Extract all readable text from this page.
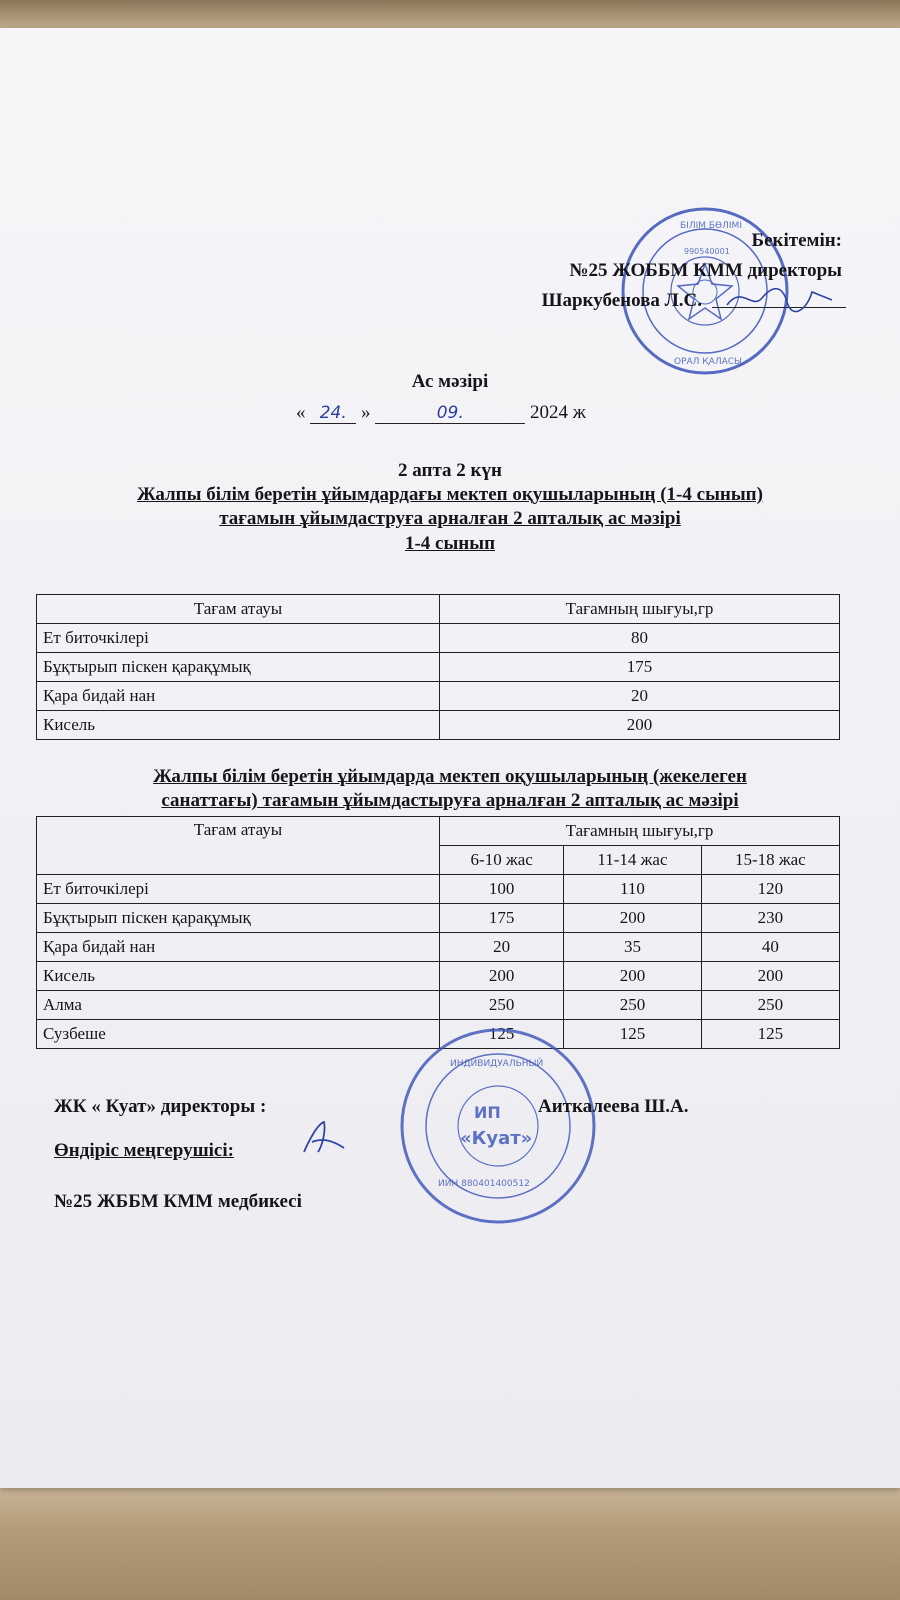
БІЛІМ БӨЛІМІ
ОРАЛ ҚАЛАСЫ
990540001
Бекітемін:
№25 ЖОББМ КММ директоры
Шаркубенова Л.С.
Ас мәзірі
« 24. »	09.	2024 ж
2 апта 2 күн
Жалпы білім беретін ұйымдардағы мектеп оқушыларының (1-4 сынып)
тағамын ұйымдаструға арналған 2 апталық ас мәзірі
1-4 сынып
Тағам атауы	Тағамның шығуы,гр
Ет биточкілері	80
Бұқтырып піскен қарақұмық	175
Қара бидай нан	20
Кисель	200
Жалпы білім беретін ұйымдарда мектеп оқушыларының (жекелеген
санаттағы) тағамын ұйымдастыруға арналған 2 апталық ас мәзірі
Тағам атауы	Тағамның шығуы,гр		
	6-10 жас	11-14 жас	15-18 жас
Ет биточкілері	100	110	120
Бұқтырып піскен қарақұмық	175	200	230
Қара бидай нан	20	35	40
Кисель	200	200	200
Алма	250	250	250
Сузбеше	125	125	125
ИП
«Куат»
ИИН 880401400512
ИНДИВИДУАЛЬНЫЙ
ЖК « Куат» директоры :	Аиткалеева Ш.А.
Өндіріс меңгерушісі:
№25 ЖББМ КММ медбикесі
